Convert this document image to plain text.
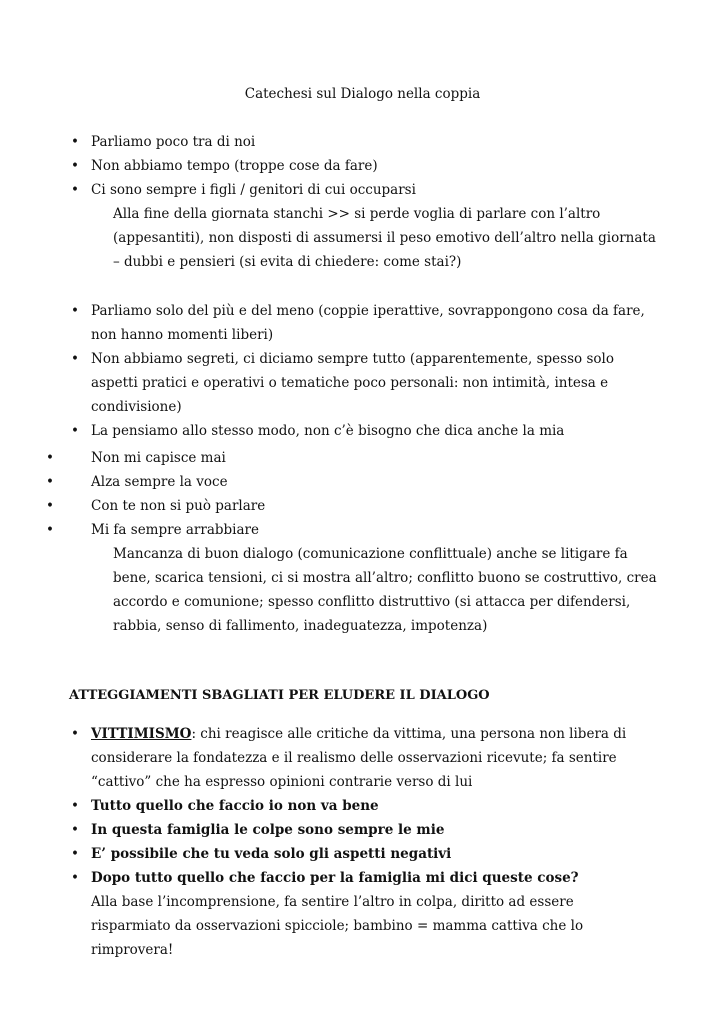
Catechesi sul Dialogo nella coppia
• Parliamo poco tra di noi
• Non abbiamo tempo (troppe cose da fare)
• Ci sono sempre i figli / genitori di cui occuparsi
Alla fine della giornata stanchi >> si perde voglia di parlare con l’altro (appesantiti), non disposti di assumersi il peso emotivo dell’altro nella giornata – dubbi e pensieri (si evita di chiedere: come stai?)
• Parliamo solo del più e del meno (coppie iperattive, sovrappongono cosa da fare, non hanno momenti liberi)
• Non abbiamo segreti, ci diciamo sempre tutto (apparentemente, spesso solo aspetti pratici e operativi o tematiche poco personali: non intimità, intesa e condivisione)
• La pensiamo allo stesso modo, non c’è bisogno che dica anche la mia
•	Non mi capisce mai
•	Alza sempre la voce
•	Con te non si può parlare
•	Mi fa sempre arrabbiare
Mancanza di buon dialogo (comunicazione conflittuale) anche se litigare fa bene, scarica tensioni, ci si mostra all’altro; conflitto buono se costruttivo, crea accordo e comunione; spesso conflitto distruttivo (si attacca per difendersi, rabbia, senso di fallimento, inadeguatezza, impotenza)
ATTEGGIAMENTI SBAGLIATI PER ELUDERE IL DIALOGO
• VITTIMISMO: chi reagisce alle critiche da vittima, una persona non libera di considerare la fondatezza e il realismo delle osservazioni ricevute; fa sentire “cattivo” che ha espresso opinioni contrarie verso di lui
• Tutto quello che faccio io non va bene
• In questa famiglia le colpe sono sempre le mie
• E’ possibile che tu veda solo gli aspetti negativi
• Dopo tutto quello che faccio per la famiglia mi dici queste cose?
Alla base l’incomprensione, fa sentire l’altro in colpa, diritto ad essere risparmiato da osservazioni spicciole; bambino = mamma cattiva che lo rimprovera!
